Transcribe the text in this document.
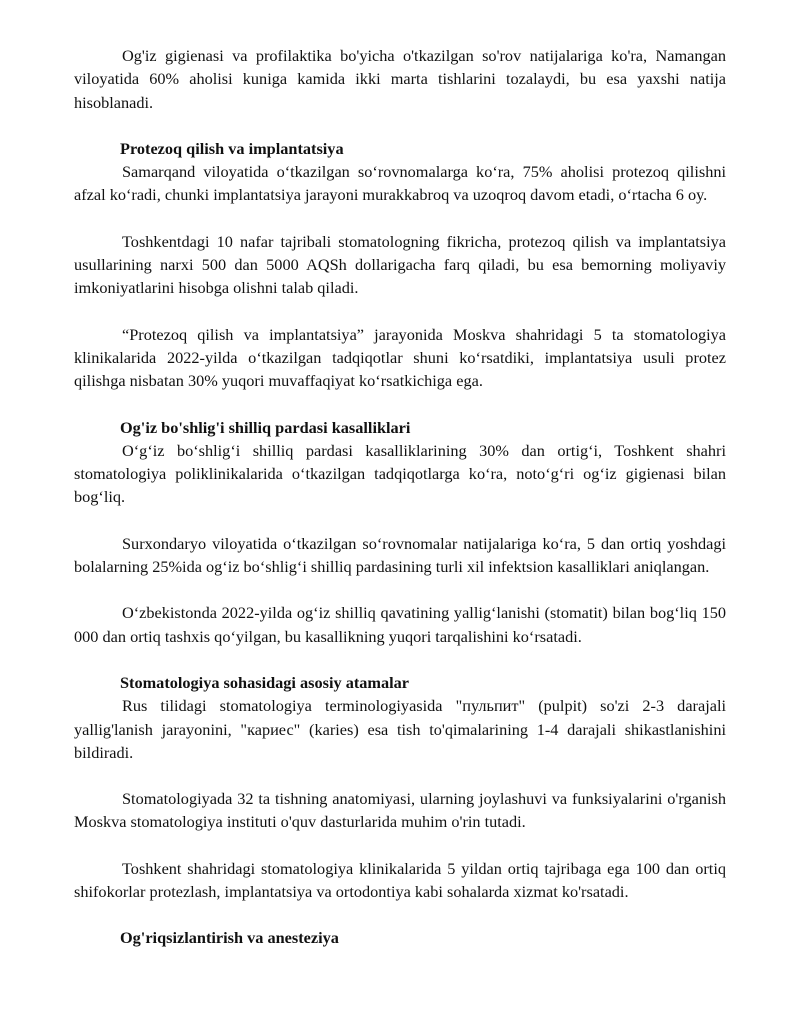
Og'iz gigienasi va profilaktika bo'yicha o'tkazilgan so'rov natijalariga ko'ra, Namangan viloyatida 60% aholisi kuniga kamida ikki marta tishlarini tozalaydi, bu esa yaxshi natija hisoblanadi.

Protezoq qilish va implantatsiya

Samarqand viloyatida o‘tkazilgan so‘rovnomalarga ko‘ra, 75% aholisi protezoq qilishni afzal ko‘radi, chunki implantatsiya jarayoni murakkabroq va uzoqroq davom etadi, o‘rtacha 6 oy.

Toshkentdagi 10 nafar tajribali stomatologning fikricha, protezoq qilish va implantatsiya usullarining narxi 500 dan 5000 AQSh dollarigacha farq qiladi, bu esa bemorning moliyaviy imkoniyatlarini hisobga olishni talab qiladi.

“Protezoq qilish va implantatsiya” jarayonida Moskva shahridagi 5 ta stomatologiya klinikalarida 2022-yilda o‘tkazilgan tadqiqotlar shuni ko‘rsatdiki, implantatsiya usuli protez qilishga nisbatan 30% yuqori muvaffaqiyat ko‘rsatkichiga ega.

Og'iz bo'shlig'i shilliq pardasi kasalliklari

O‘g‘iz bo‘shlig‘i shilliq pardasi kasalliklarining 30% dan ortig‘i, Toshkent shahri stomatologiya poliklinikalarida o‘tkazilgan tadqiqotlarga ko‘ra, noto‘g‘ri og‘iz gigienasi bilan bog‘liq.

Surxondaryo viloyatida o‘tkazilgan so‘rovnomalar natijalariga ko‘ra, 5 dan ortiq yoshdagi bolalarning 25%ida og‘iz bo‘shlig‘i shilliq pardasining turli xil infektsion kasalliklari aniqlangan.

O‘zbekistonda 2022-yilda og‘iz shilliq qavatining yallig‘lanishi (stomatit) bilan bog‘liq 150 000 dan ortiq tashxis qo‘yilgan, bu kasallikning yuqori tarqalishini ko‘rsatadi.

Stomatologiya sohasidagi asosiy atamalar

Rus tilidagi stomatologiya terminologiyasida "пульпит" (pulpit) so'zi 2-3 darajali yallig'lanish jarayonini, "кариес" (karies) esa tish to'qimalarining 1-4 darajali shikastlanishini bildiradi.

Stomatologiyada 32 ta tishning anatomiyasi, ularning joylashuvi va funksiyalarini o'rganish Moskva stomatologiya instituti o'quv dasturlarida muhim o'rin tutadi.

Toshkent shahridagi stomatologiya klinikalarida 5 yildan ortiq tajribaga ega 100 dan ortiq shifokorlar protezlash, implantatsiya va ortodontiya kabi sohalarda xizmat ko'rsatadi.

Og'riqsizlantirish va anesteziya
